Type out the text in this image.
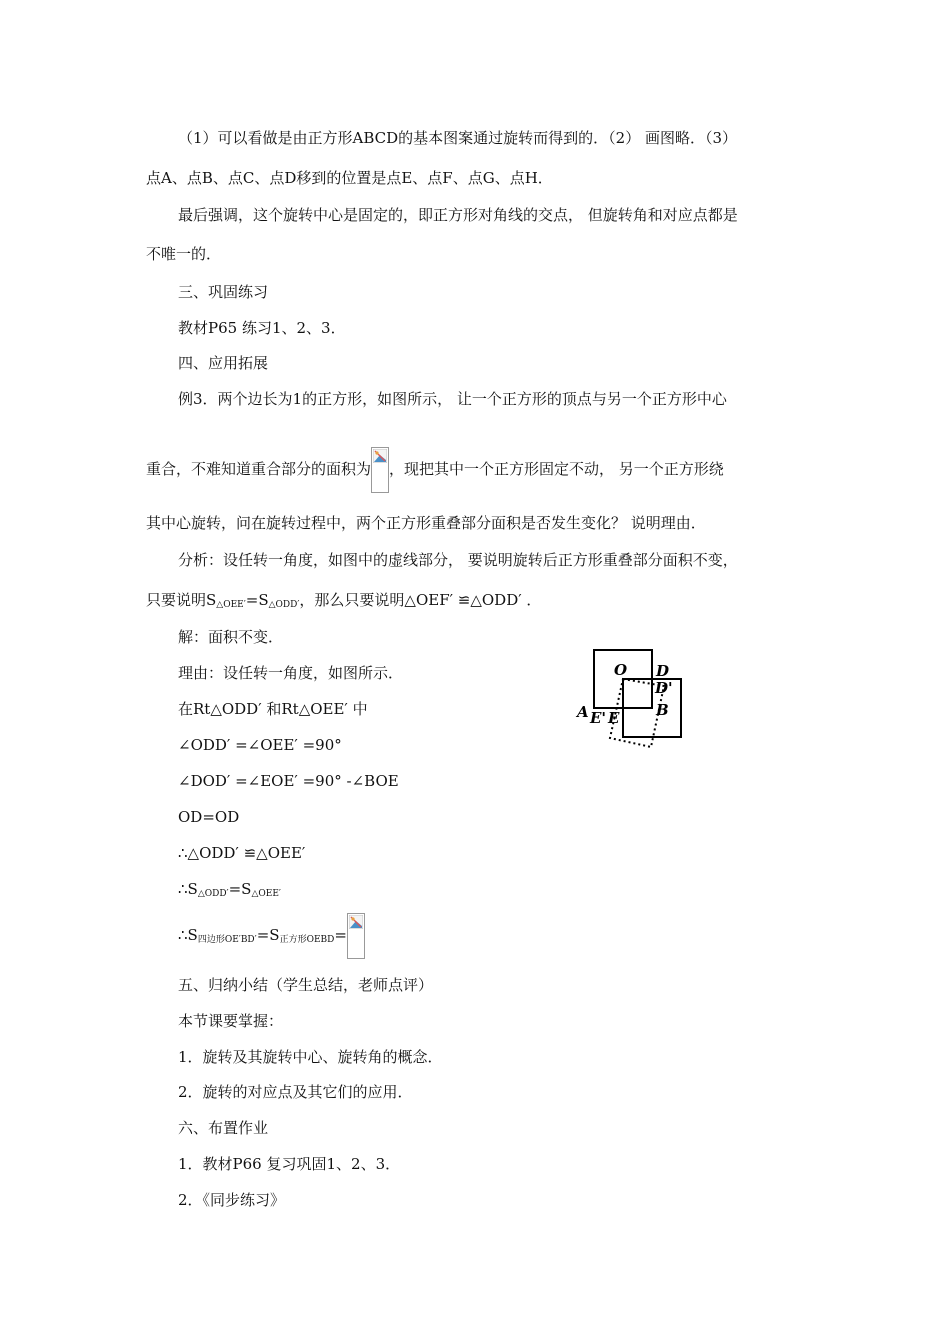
（1）可以看做是由正方形ABCD的基本图案通过旋转而得到的．（2） 画图略．（3）
点A、点B、点C、点D移到的位置是点E、点F、点G、点H．
最后强调，这个旋转中心是固定的，即正方形对角线的交点， 但旋转角和对应点都是
不唯一的．
三、巩固练习
教材P65 练习1、2、3．
四、应用拓展
例3．两个边长为1的正方形，如图所示， 让一个正方形的顶点与另一个正方形中心
重合，不难知道重合部分的面积为 ，现把其中一个正方形固定不动， 另一个正方形绕
其中心旋转，问在旋转过程中，两个正方形重叠部分面积是否发生变化？ 说明理由．
分析：设任转一角度，如图中的虚线部分， 要说明旋转后正方形重叠部分面积不变，
只要说明$S_{\triangle OEE'}=S_{\triangle ODD'}$，那么只要说明△OEF′ ≌△ODD′ ．
解：面积不变．
理由：设任转一角度，如图所示．
在Rt△ODD′ 和Rt△OEE′ 中
∠ODD′ =∠OEE′ =90°
∠DOD′ =∠EOE′ =90° -∠BOE
OD=OD
∴△ODD′ ≌△OEE′
$\therefore S_{\triangle ODD'}=S_{\triangle OEE'}$
$\therefore S_{四边形OE'BD'}=S_{正方形OEBD}=$
五、归纳小结（学生总结，老师点评）
本节课要掌握：
1．旋转及其旋转中心、旋转角的概念．
2．旋转的对应点及其它们的应用．
六、布置作业
1．教材P66 复习巩固1、2、3．
2．《同步练习》
O D
D'
A E' E B
